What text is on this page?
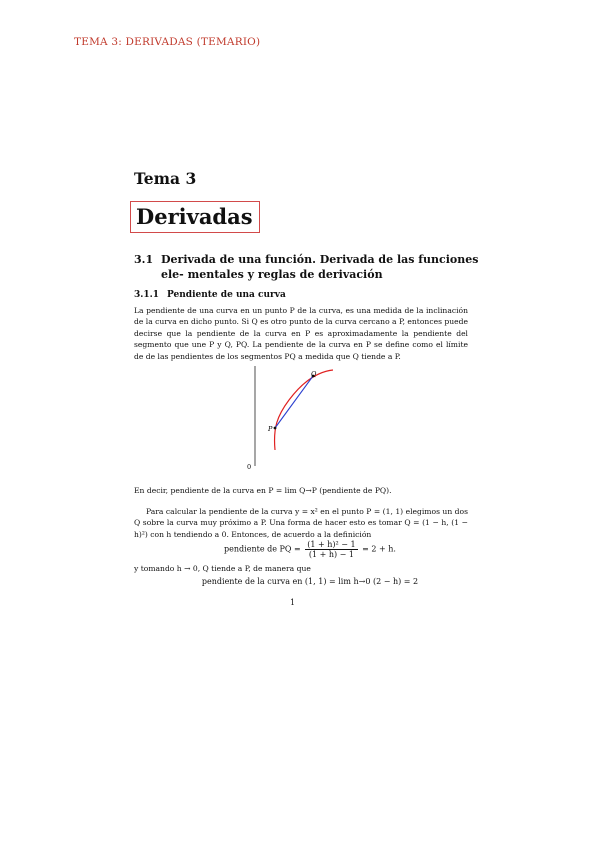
TEMA 3: DERIVADAS (TEMARIO)
Tema 3
Derivadas
3.1 Derivada de una función. Derivada de las funciones ele- mentales y reglas de derivación
3.1.1 Pendiente de una curva
La pendiente de una curva en un punto P de la curva, es una medida de la inclinación de la curva en dicho punto. Si Q es otro punto de la curva cercano a P, entonces puede decirse que la pendiente de la curva en P es aproximadamente la pendiente del segmento que une P y Q, PQ. La pendiente de la curva en P se define como el límite de de las pendientes de los segmentos PQ a medida que Q tiende a P.
P
Q
0
En decir, pendiente de la curva en P = lim Q→P (pendiente de PQ).
Para calcular la pendiente de la curva y = x² en el punto P = (1, 1) elegimos un dos Q sobre la curva muy próximo a P. Una forma de hacer esto es tomar Q = (1 − h, (1 − h)²) con h tendiendo a 0. Entonces, de acuerdo a la definición
pendiente de PQ = $\frac{\text{(1 + h)² − 1}}{(1 + h) - 1} = 2 + h$.
y tomando h → 0, Q tiende a P, de manera que
pendiente de la curva en (1, 1) = lim h→0 (2 − h) = 2
1
